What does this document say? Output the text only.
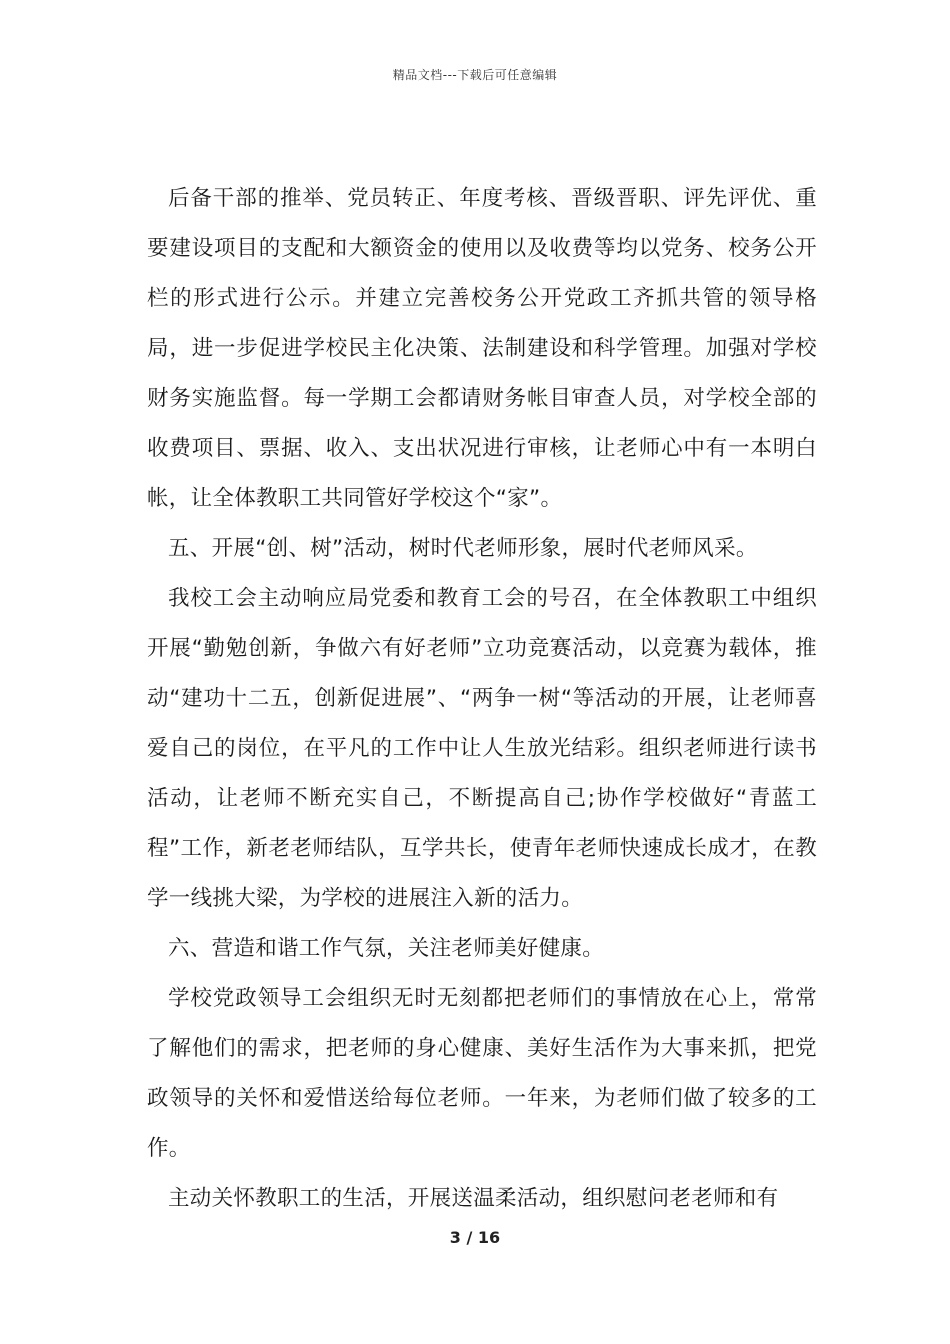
精品文档---下载后可任意编辑

后备干部的推举、党员转正、年度考核、晋级晋职、评先评优、重要建设项目的支配和大额资金的使用以及收费等均以党务、校务公开栏的形式进行公示。并建立完善校务公开党政工齐抓共管的领导格局，进一步促进学校民主化决策、法制建设和科学管理。加强对学校财务实施监督。每一学期工会都请财务帐目审查人员，对学校全部的收费项目、票据、收入、支出状况进行审核，让老师心中有一本明白帐，让全体教职工共同管好学校这个“家”。

五、开展“创、树”活动，树时代老师形象，展时代老师风采。

我校工会主动响应局党委和教育工会的号召，在全体教职工中组织开展“勤勉创新，争做六有好老师”立功竞赛活动，以竞赛为载体，推动“建功十二五，创新促进展”、“两争一树“等活动的开展，让老师喜爱自己的岗位，在平凡的工作中让人生放光结彩。组织老师进行读书活动，让老师不断充实自己，不断提高自己;协作学校做好“青蓝工程”工作，新老老师结队，互学共长，使青年老师快速成长成才，在教学一线挑大梁，为学校的进展注入新的活力。

六、营造和谐工作气氛，关注老师美好健康。

学校党政领导工会组织无时无刻都把老师们的事情放在心上，常常了解他们的需求，把老师的身心健康、美好生活作为大事来抓，把党政领导的关怀和爱惜送给每位老师。一年来，为老师们做了较多的工作。

主动关怀教职工的生活，开展送温柔活动，组织慰问老老师和有

3 / 16
